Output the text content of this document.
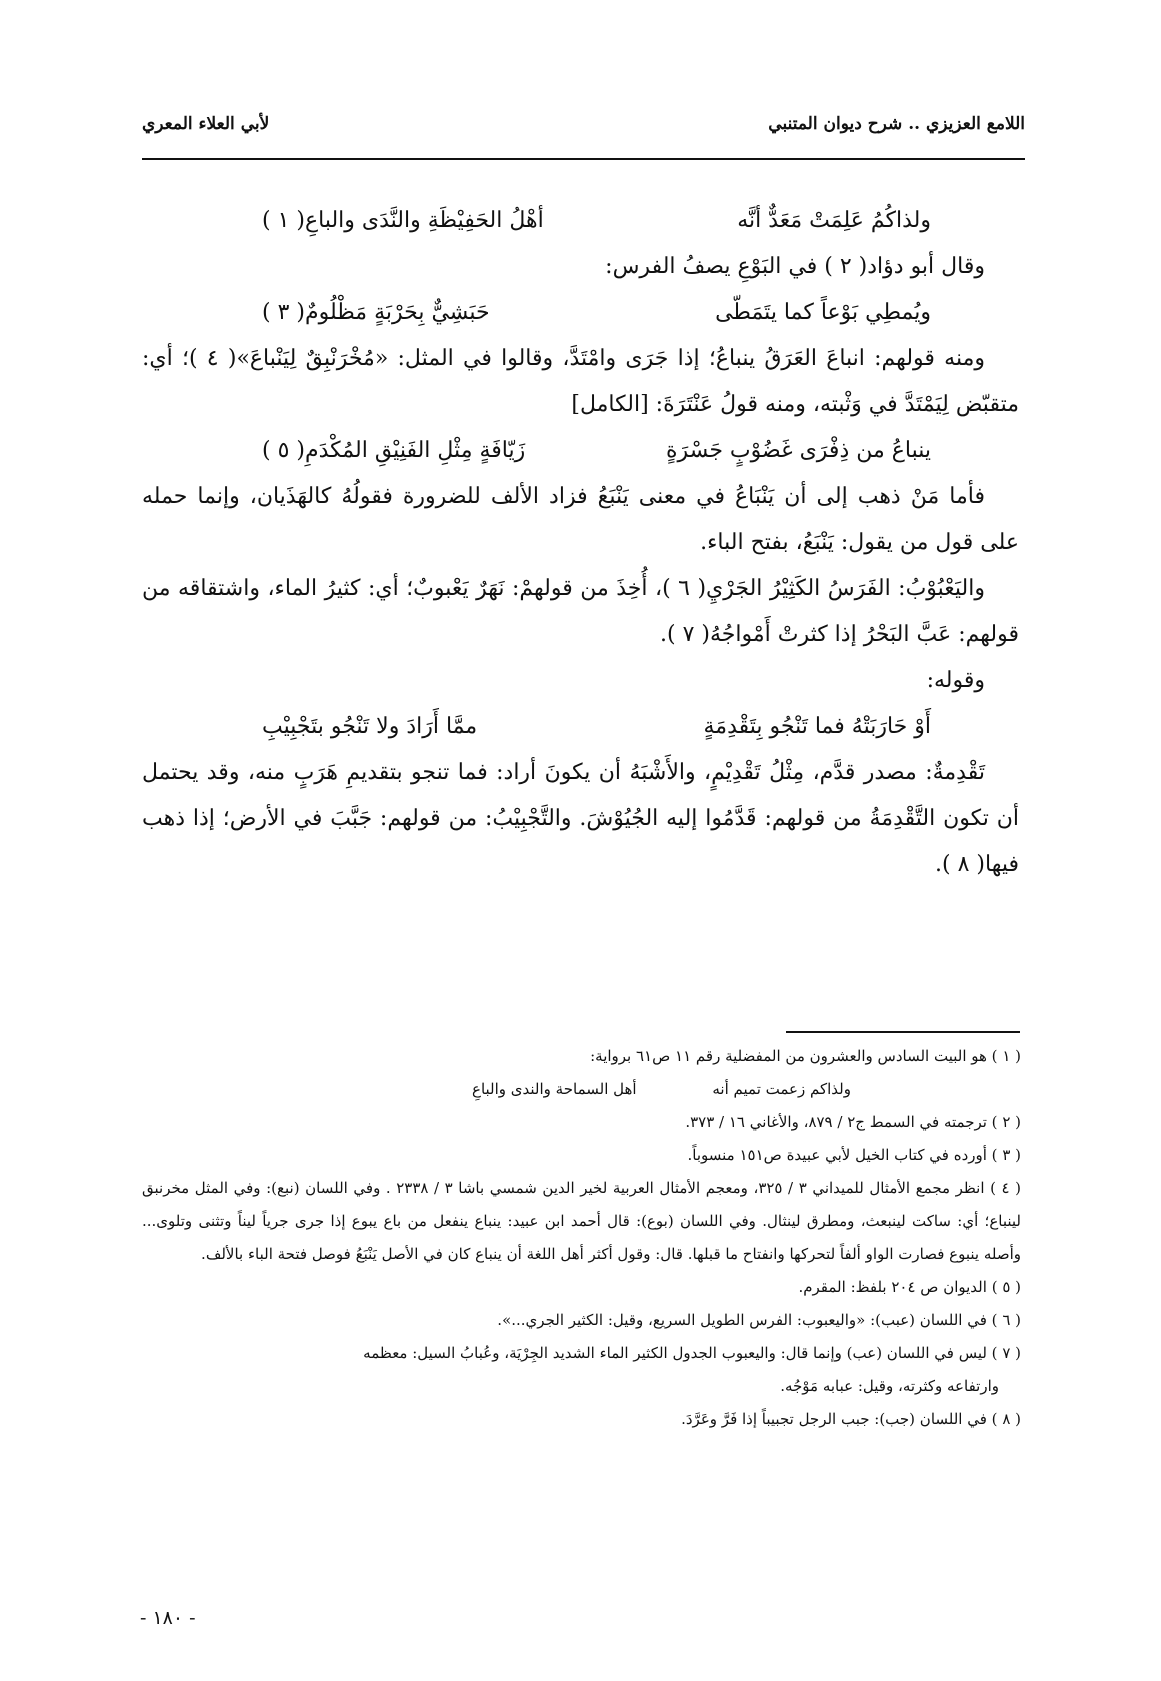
اللامع العزيزي .. شرح ديوان المتنبي
لأبي العلاء المعري
ولذاكُمُ عَلِمَتْ مَعَدٌّ أنَّه
أهْلُ الحَفِيْظَةِ والنَّدَى والباعِ( ١ )
وقال أبو دؤاد( ٢ ) في البَوْعِ يصفُ الفرس:
ويُمطِي بَوْعاً كما يتَمَطّى
حَبَشِيٌّ بِحَرْبَةٍ مَظْلُومٌ( ٣ )
ومنه قولهم: انباعَ العَرَقُ ينباعُ؛ إذا جَرَى وامْتَدَّ، وقالوا في المثل: «مُخْرَنْبِقٌ لِيَنْباعَ»( ٤ )؛ أي: متقبّض لِيَمْتَدَّ في وَثْبته، ومنه قولُ عَنْتَرَةَ: [الكامل]
ينباعُ من ذِفْرَى غَضُوْبٍ جَسْرَةٍ
زَيّافَةٍ مِثْلِ الفَنِيْقِ المُكْدَمِ( ٥ )
فأما مَنْ ذهب إلى أن يَنْبَاعُ في معنى يَنْبَعُ فزاد الألف للضرورة فقولُهُ كالهَذَيان، وإنما حمله على قول من يقول: يَنْبَعُ، بفتح الباء.
واليَعْبُوْبُ: الفَرَسُ الكَثِيْرُ الجَرْيِ( ٦ )، أُخِذَ من قولهمْ: نَهَرٌ يَعْبوبٌ؛ أي: كثيرُ الماء، واشتقاقه من قولهم: عَبَّ البَحْرُ إذا كثرتْ أَمْواجُهُ( ٧ ).
وقوله:
أَوْ حَارَبَتْهُ فما تَنْجُو بِتَقْدِمَةٍ
ممَّا أَرَادَ ولا تَنْجُو بتَجْبِيْبِ
تَقْدِمةٌ: مصدر قدَّم، مِثْلُ تَقْدِيْمٍ، والأَشْبَهُ أن يكونَ أراد: فما تنجو بتقديمِ هَرَبٍ منه، وقد يحتمل أن تكون التَّقْدِمَةُ من قولهم: قَدَّمُوا إليه الجُيُوْشَ. والتَّجْبِيْبُ: من قولهم: جَبَّبَ في الأرض؛ إذا ذهب فيها( ٨ ).
( ١ ) هو البيت السادس والعشرون من المفضلية رقم ١١ ص٦١ برواية:
ولذاكم زعمت تميم أنه
أهل السماحة والندى والباعِ
( ٢ ) ترجمته في السمط ج٢ / ٨٧٩، والأغاني ١٦ / ٣٧٣.
( ٣ ) أورده في كتاب الخيل لأبي عبيدة ص١٥١ منسوباً.
( ٤ ) انظر مجمع الأمثال للميداني ٣ / ٣٢٥، ومعجم الأمثال العربية لخير الدين شمسي باشا ٣ / ٢٣٣٨ . وفي اللسان (نبع): وفي المثل مخرنبق لينباع؛ أي: ساكت لينبعث، ومطرق لينثال. وفي اللسان (بوع): قال أحمد ابن عبيد: ينباع ينفعل من باع يبوع إذا جرى جرياً ليناً وتثنى وتلوى... وأصله ينبوع فصارت الواو ألفاً لتحركها وانفتاح ما قبلها. قال: وقول أكثر أهل اللغة أن ينباع كان في الأصل يَنْبَعُ فوصل فتحة الباء بالألف.
( ٥ ) الديوان ص ٢٠٤ بلفظ: المقرم.
( ٦ ) في اللسان (عبب): «واليعبوب: الفرس الطويل السريع، وقيل: الكثير الجري...».
( ٧ ) ليس في اللسان (عب) وإنما قال: واليعبوب الجدول الكثير الماء الشديد الجِرْيَة، وعُبابُ السيل: معظمه
وارتفاعه وكثرته، وقيل: عبابه مَوْجُه.
( ٨ ) في اللسان (جب): جبب الرجل تجبيباً إذا فَرَّ وعَرَّدَ.
- ١٨٠ -
